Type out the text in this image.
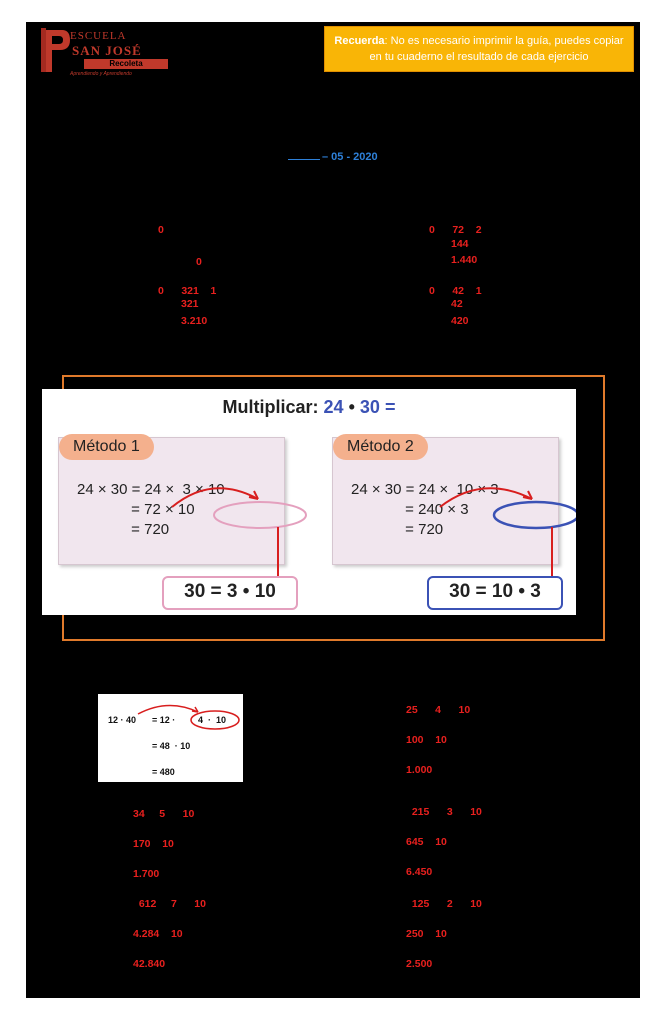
ESCUELA
SAN JOSÉ
Recoleta
Aprendiendo y Aprendiendo
Recuerda: No es necesario imprimir la guía, puedes copiar en tu cuaderno el resultado de cada ejercicio
– 05 - 2020
0
0
0      321    1
321
3.210
0      72    2
144
1.440
0      42    1
42
420
Multiplicar: 24 • 30 =
Método 1
24 × 30 = 24 ×  3 × 10
= 72 × 10
= 720
Método 2
24 × 30 = 24 ×  10 × 3
= 240 × 3
= 720
30 = 3 • 10	30 = 10 • 3
12 · 40 = 12 ·	4  ·  10
= 48  · 10
= 480
34     5      10
170    10
1.700
612     7      10
4.284    10
42.840
25      4      10
100    10
1.000
215      3      10
645    10
6.450
125      2      10
250    10
2.500
